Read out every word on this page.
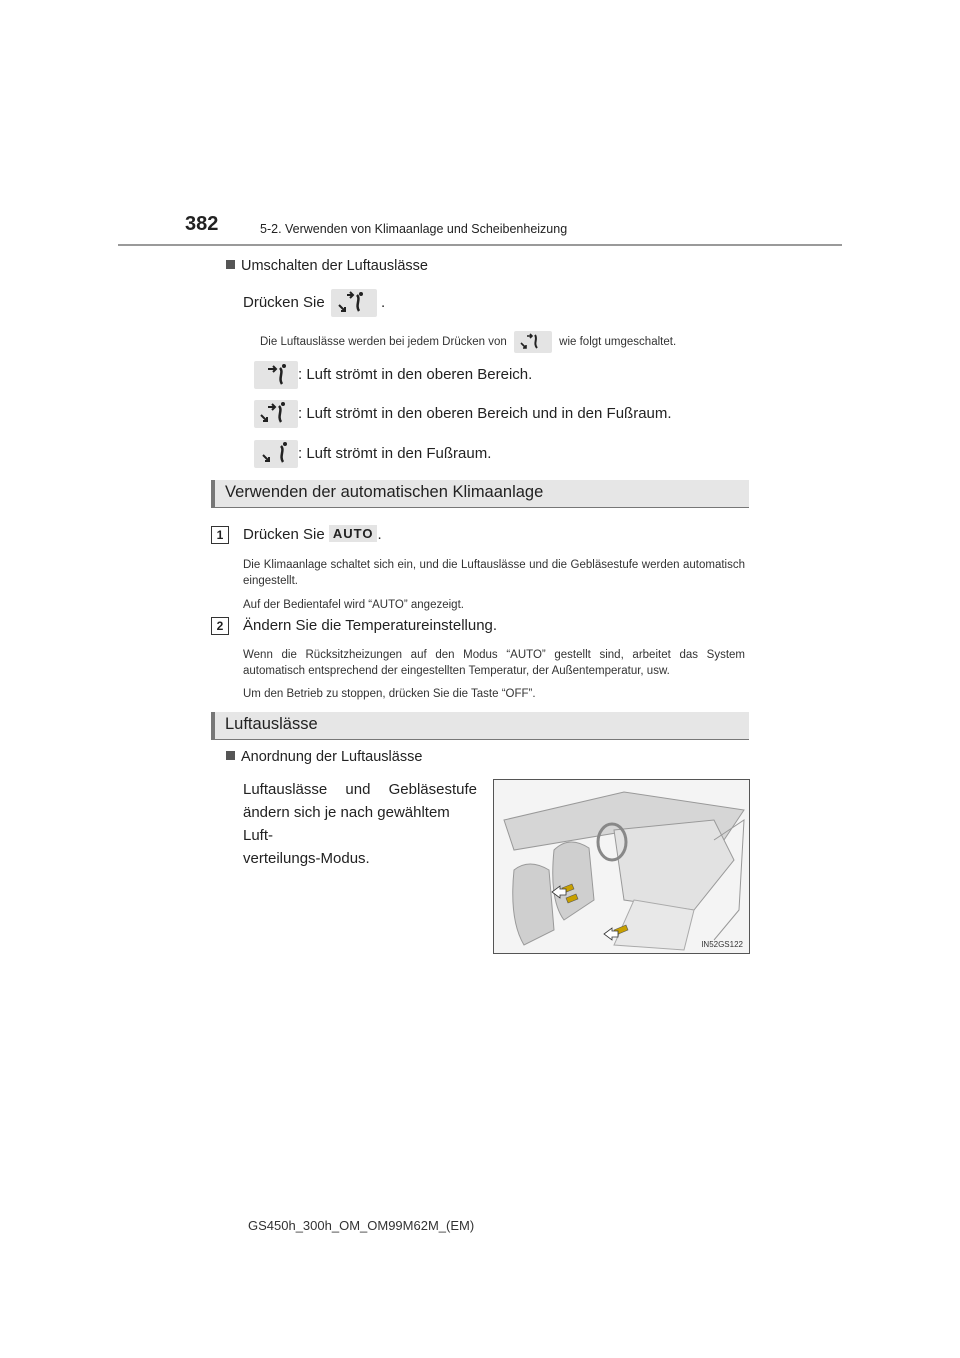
382	5-2. Verwenden von Klimaanlage und Scheibenheizung
Umschalten der Luftauslässe
Drücken Sie	.
Die Luftauslässe werden bei jedem Drücken von	wie folgt umgeschaltet.
: Luft strömt in den oberen Bereich.
: Luft strömt in den oberen Bereich und in den Fußraum.
: Luft strömt in den Fußraum.
Verwenden der automatischen Klimaanlage
1	Drücken Sie AUTO .
Die Klimaanlage schaltet sich ein, und die Luftauslässe und die Gebläsestufe werden automatisch eingestellt.
Auf der Bedientafel wird “AUTO” angezeigt.
2	Ändern Sie die Temperatureinstellung.
Wenn die Rücksitzheizungen auf den Modus “AUTO” gestellt sind, arbeitet das System automatisch entsprechend der eingestellten Temperatur, der Außentemperatur, usw.
Um den Betrieb zu stoppen, drücken Sie die Taste “OFF”.
Luftauslässe
Anordnung der Luftauslässe
Luftauslässe und Gebläsestufe
ändern sich je nach gewähltem Luft-
verteilungs-Modus.
IN52GS122
GS450h_300h_OM_OM99M62M_(EM)
